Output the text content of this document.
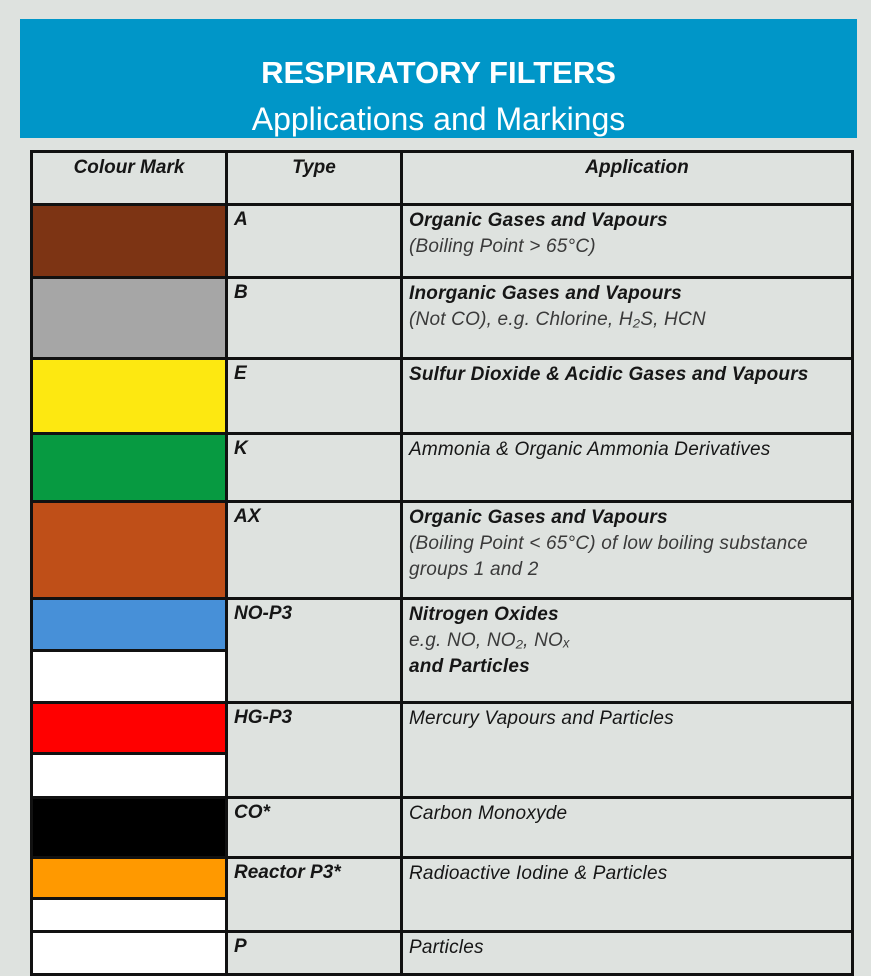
RESPIRATORY FILTERS
Applications and Markings
Colour Mark	Type	Application

	A	Organic Gases and Vapours
(Boiling Point > 65°C)

	B	Inorganic Gases and Vapours
(Not CO), e.g. Chlorine, H₂S, HCN

	E	Sulfur Dioxide & Acidic Gases and Vapours

	K	Ammonia & Organic Ammonia Derivatives

	AX	Organic Gases and Vapours
(Boiling Point < 65°C) of low boiling substance groups 1 and 2

	NO-P3	Nitrogen Oxides
e.g. NO, NO₂, NOₓ
and Particles

	HG-P3	Mercury Vapours and Particles

	CO*	Carbon Monoxyde

	Reactor P3*	Radioactive Iodine & Particles

	P	Particles
